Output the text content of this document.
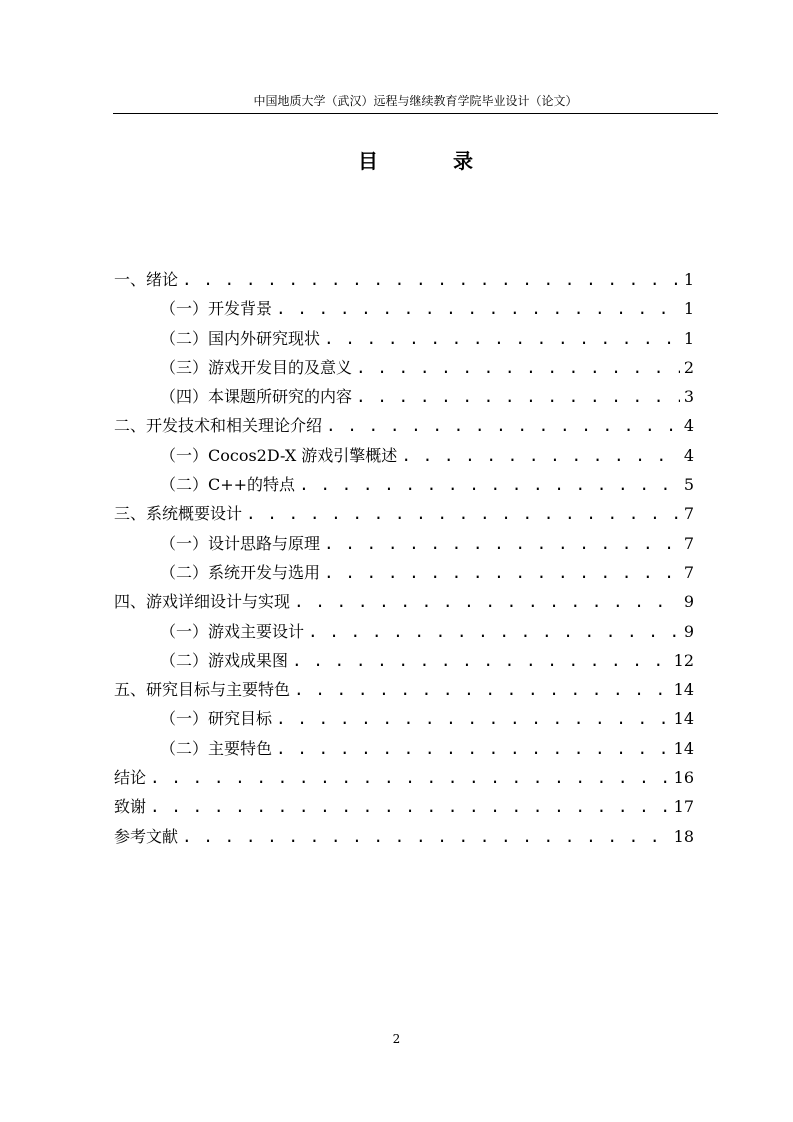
中国地质大学（武汉）远程与继续教育学院毕业设计（论文）
目 录
一、绪论 . . .	1
（一）开发背景 . . .	1
（二）国内外研究现状 . . .	1
（三）游戏开发目的及意义 . . .	2
（四）本课题所研究的内容 . . .	3
二、开发技术和相关理论介绍 . . .	4
（一）Cocos2D-X 游戏引擎概述 . . .	4
（二）C++的特点 . . .	5
三、系统概要设计 . . .	7
（一）设计思路与原理 . . .	7
（二）系统开发与选用 . . .	7
四、游戏详细设计与实现 . . .	9
（一）游戏主要设计 . . .	9
（二）游戏成果图 . . .	12
五、研究目标与主要特色 . . .	14
（一）研究目标 . . .	14
（二）主要特色 . . .	14
结论 . . .	16
致谢 . . .	17
参考文献 . . .	18
2
